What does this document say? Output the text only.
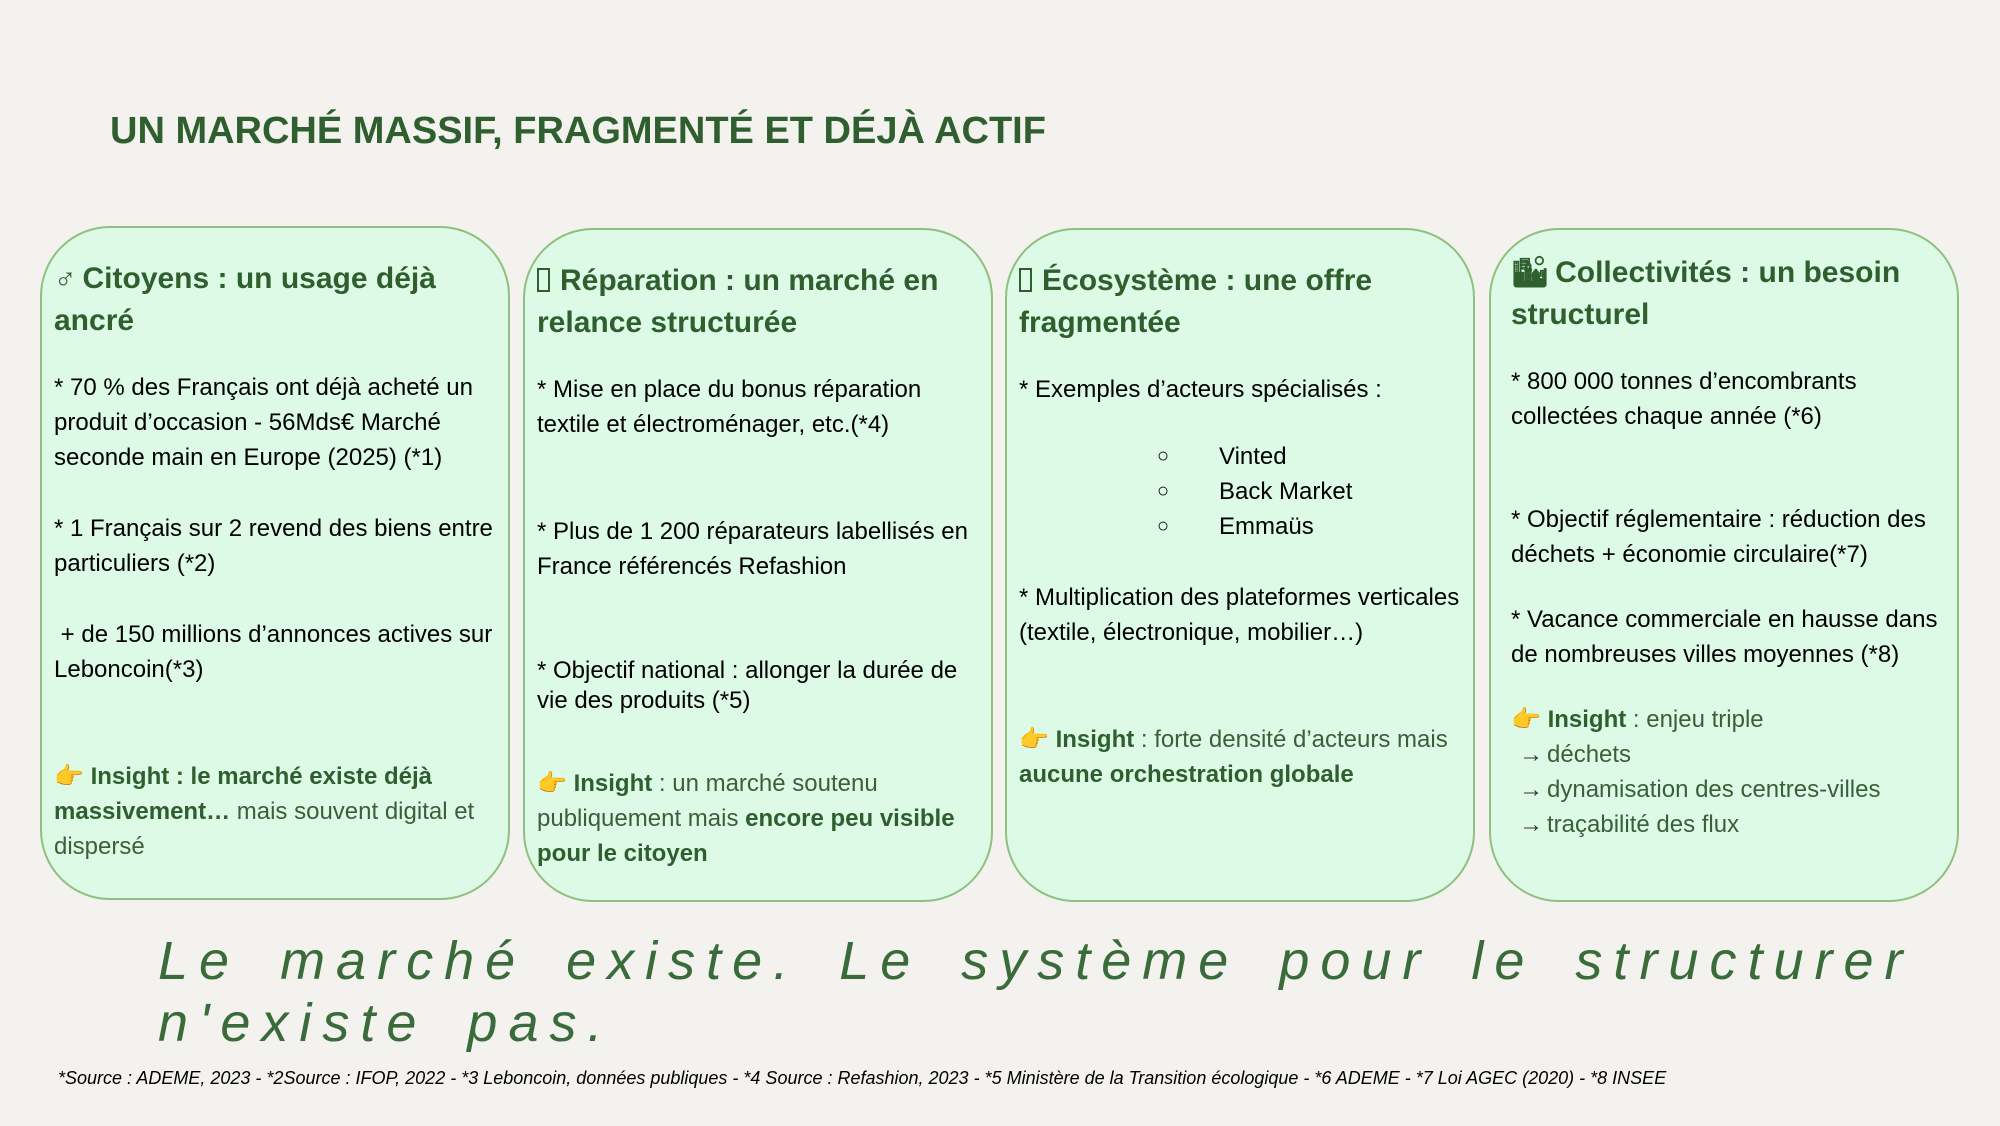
UN MARCHÉ MASSIF, FRAGMENTÉ ET DÉJÀ ACTIF

♂ Citoyens : un usage déjà ancré

* 70 % des Français ont déjà acheté un produit d’occasion - 56Mds€ Marché seconde main en Europe (2025) (*1)

* 1 Français sur 2 revend des biens entre particuliers (*2)

+ de 150 millions d’annonces actives sur Leboncoin(*3)

👉 Insight : le marché existe déjà massivement… mais souvent digital et dispersé

Réparation : un marché en relance structurée

* Mise en place du bonus réparation textile et électroménager, etc.(*4)

* Plus de 1 200 réparateurs labellisés en France référencés Refashion

* Objectif national : allonger la durée de vie des produits (*5)

👉 Insight : un marché soutenu publiquement mais encore peu visible pour le citoyen

Écosystème : une offre fragmentée

* Exemples d’acteurs spécialisés :

○ Vinted
○ Back Market
○ Emmaüs

* Multiplication des plateformes verticales (textile, électronique, mobilier…)

👉 Insight : forte densité d’acteurs mais aucune orchestration globale

🏙 Collectivités : un besoin structurel

* 800 000 tonnes d’encombrants collectées chaque année (*6)

* Objectif réglementaire : réduction des déchets + économie circulaire(*7)

* Vacance commerciale en hausse dans de nombreuses villes moyennes (*8)

👉 Insight : enjeu triple

→ déchets

→ dynamisation des centres-villes

→ traçabilité des flux

Le marché existe. Le système pour le structurer n'existe pas.

*Source : ADEME, 2023 - *2Source : IFOP, 2022 - *3 Leboncoin, données publiques - *4 Source : Refashion, 2023 - *5 Ministère de la Transition écologique - *6 ADEME - *7 Loi AGEC (2020) - *8 INSEE
